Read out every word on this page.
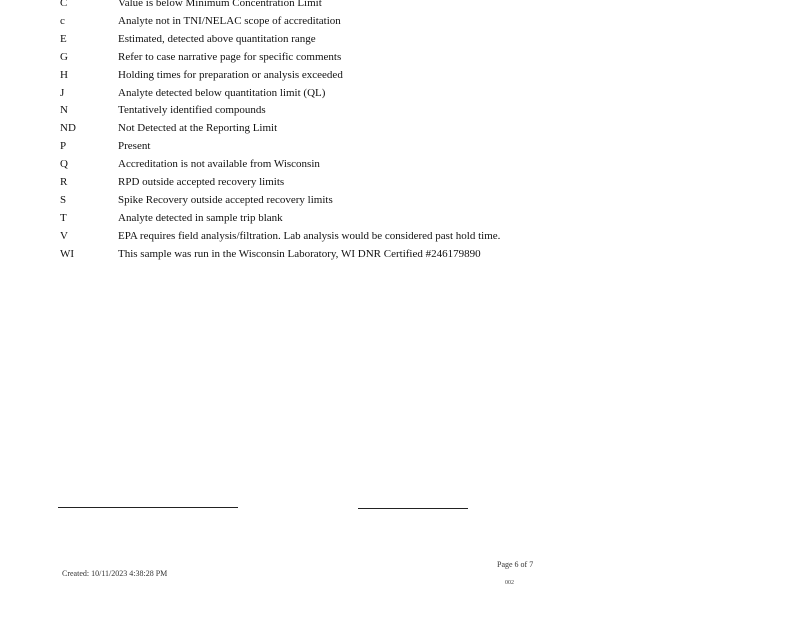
C	Value is below Minimum Concentration Limit
c	Analyte not in TNI/NELAC scope of accreditation
E	Estimated, detected above quantitation range
G	Refer to case narrative page for specific comments
H	Holding times for preparation or analysis exceeded
J	Analyte detected below quantitation limit (QL)
N	Tentatively identified compounds
ND	Not Detected at the Reporting Limit
P	Present
Q	Accreditation is not available from Wisconsin
R	RPD outside accepted recovery limits
S	Spike Recovery outside accepted recovery limits
T	Analyte detected in sample trip blank
V	EPA requires field analysis/filtration. Lab analysis would be considered past hold time.
WI	This sample was run in the Wisconsin Laboratory, WI DNR Certified #246179890
Page 6 of 7
Created: 10/11/2023 4:38:28 PM
002
